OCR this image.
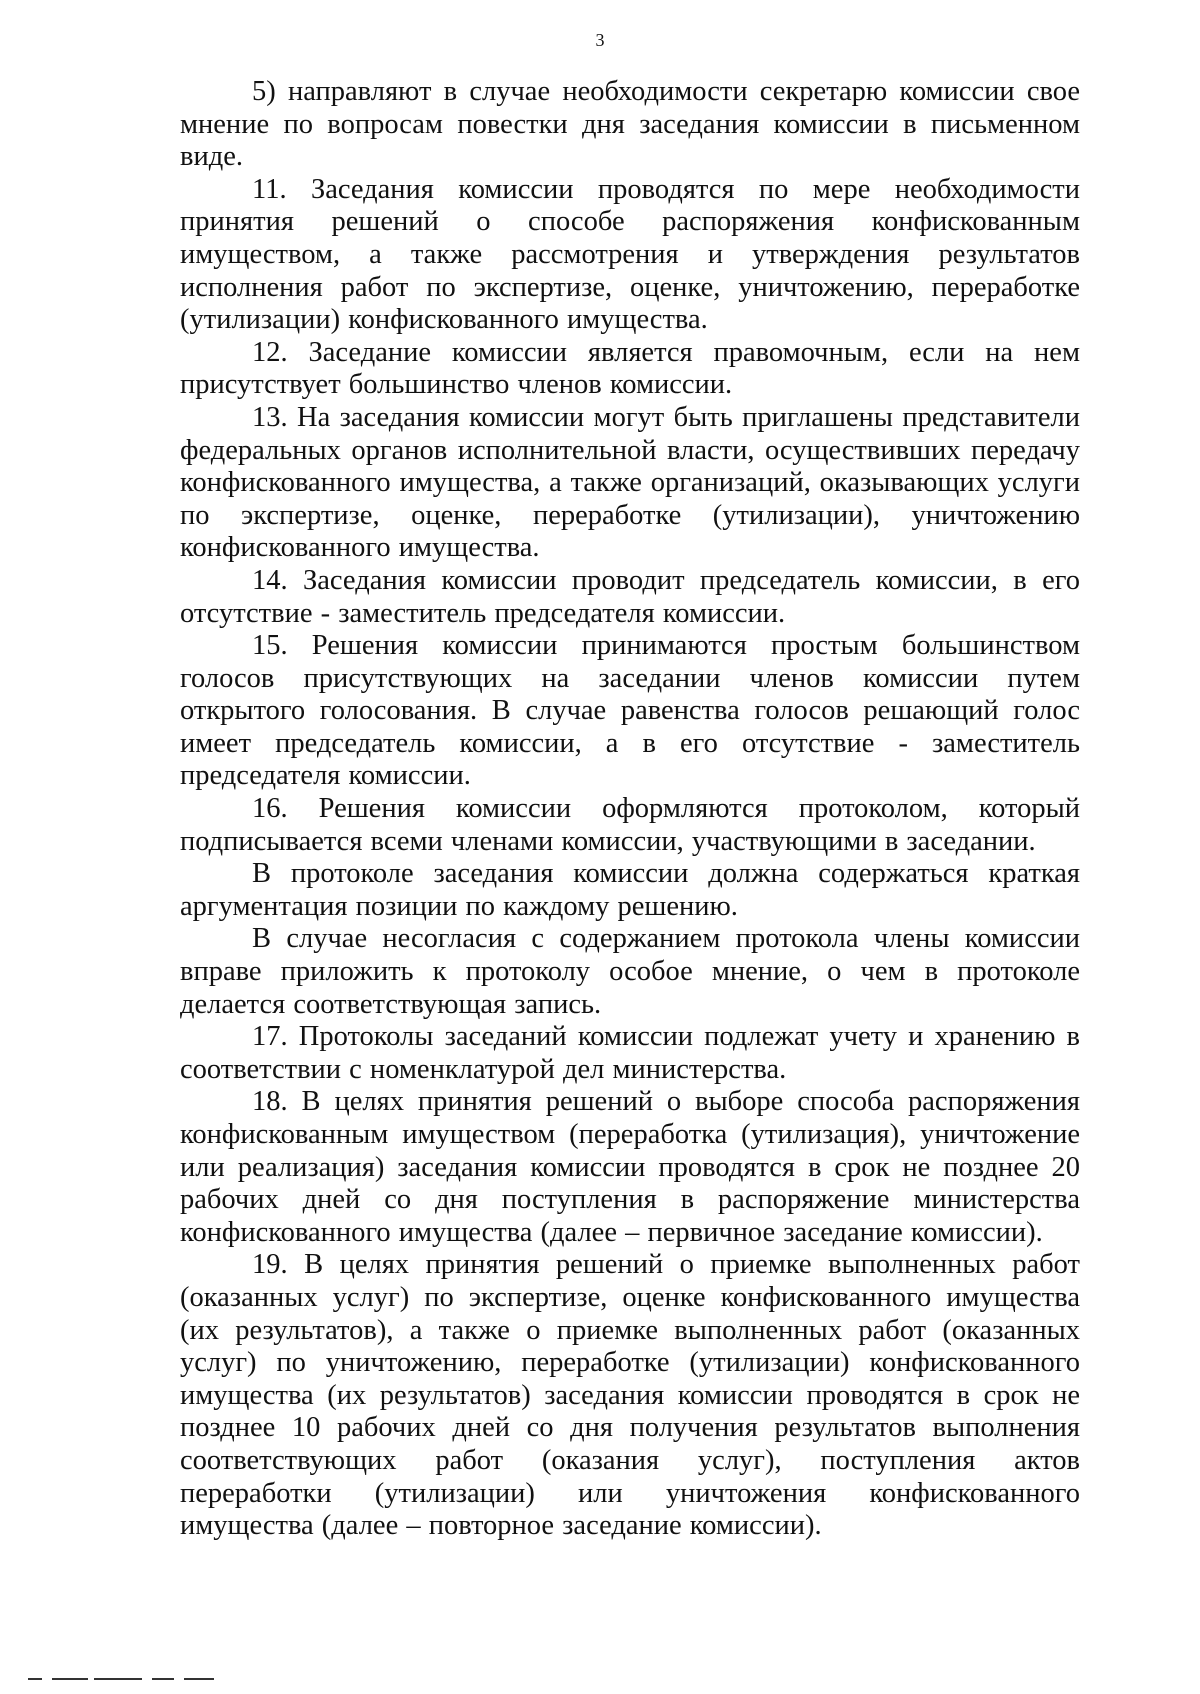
3

5) направляют в случае необходимости секретарю комиссии свое мнение по вопросам повестки дня заседания комиссии в письменном виде.

11. Заседания комиссии проводятся по мере необходимости принятия решений о способе распоряжения конфискованным имуществом, а также рассмотрения и утверждения результатов исполнения работ по экспертизе, оценке, уничтожению, переработке (утилизации) конфискованного имущества.

12. Заседание комиссии является правомочным, если на нем присутствует большинство членов комиссии.

13. На заседания комиссии могут быть приглашены представители федеральных органов исполнительной власти, осуществивших передачу конфискованного имущества, а также организаций, оказывающих услуги по экспертизе, оценке, переработке (утилизации), уничтожению конфискованного имущества.

14. Заседания комиссии проводит председатель комиссии, в его отсутствие - заместитель председателя комиссии.

15. Решения комиссии принимаются простым большинством голосов присутствующих на заседании членов комиссии путем открытого голосования. В случае равенства голосов решающий голос имеет председатель комиссии, а в его отсутствие - заместитель председателя комиссии.

16. Решения комиссии оформляются протоколом, который подписывается всеми членами комиссии, участвующими в заседании.

В протоколе заседания комиссии должна содержаться краткая аргументация позиции по каждому решению.

В случае несогласия с содержанием протокола члены комиссии вправе приложить к протоколу особое мнение, о чем в протоколе делается соответствующая запись.

17. Протоколы заседаний комиссии подлежат учету и хранению в соответствии с номенклатурой дел министерства.

18. В целях принятия решений о выборе способа распоряжения конфискованным имуществом (переработка (утилизация), уничтожение или реализация) заседания комиссии проводятся в срок не позднее 20 рабочих дней со дня поступления в распоряжение министерства конфискованного имущества (далее – первичное заседание комиссии).

19. В целях принятия решений о приемке выполненных работ (оказанных услуг) по экспертизе, оценке конфискованного имущества (их результатов), а также о приемке выполненных работ (оказанных услуг) по уничтожению, переработке (утилизации) конфискованного имущества (их результатов) заседания комиссии проводятся в срок не позднее 10 рабочих дней со дня получения результатов выполнения соответствующих работ (оказания услуг), поступления актов переработки (утилизации) или уничтожения конфискованного имущества (далее – повторное заседание комиссии).
